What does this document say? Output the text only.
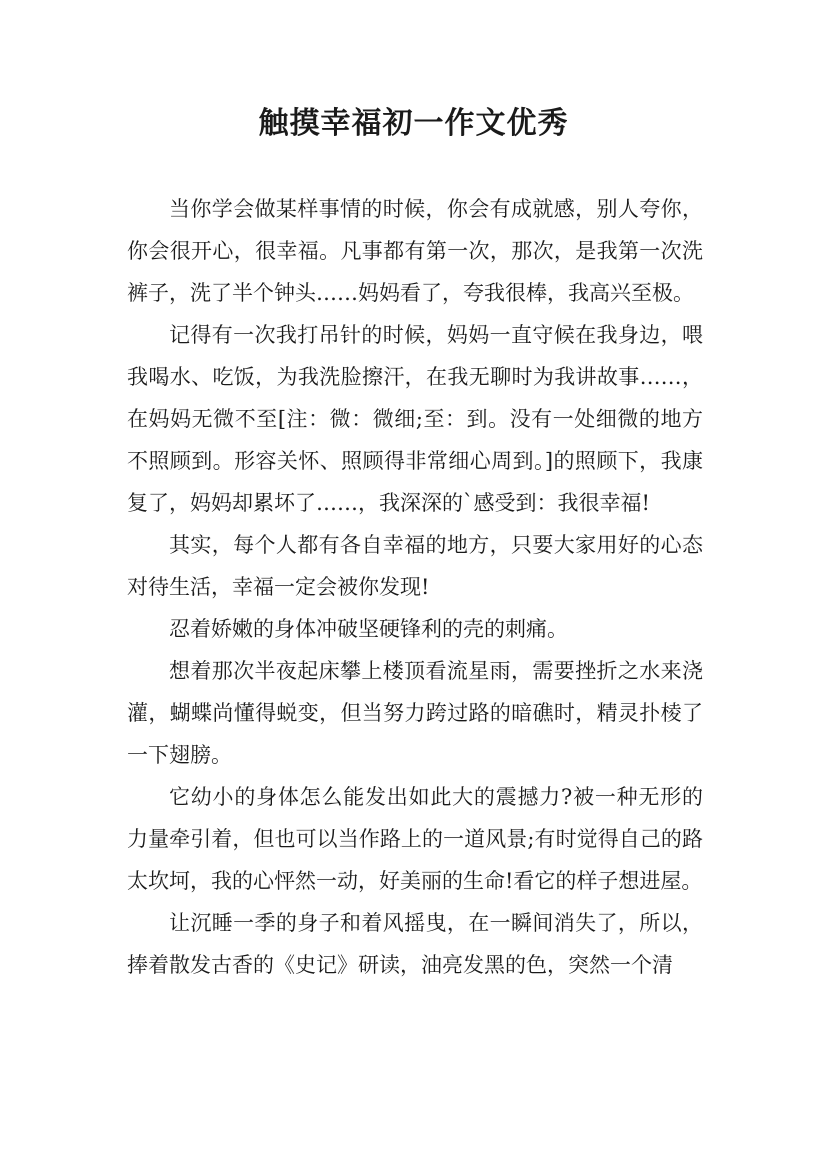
触摸幸福初一作文优秀

当你学会做某样事情的时候，你会有成就感，别人夸你，你会很开心，很幸福。凡事都有第一次，那次，是我第一次洗裤子，洗了半个钟头……妈妈看了，夸我很棒，我高兴至极。

记得有一次我打吊针的时候，妈妈一直守候在我身边，喂我喝水、吃饭，为我洗脸擦汗，在我无聊时为我讲故事……，在妈妈无微不至[注：微：微细;至：到。没有一处细微的地方不照顾到。形容关怀、照顾得非常细心周到。]的照顾下，我康复了，妈妈却累坏了……，我深深的`感受到：我很幸福!

其实，每个人都有各自幸福的地方，只要大家用好的心态对待生活，幸福一定会被你发现!

忍着娇嫩的身体冲破坚硬锋利的壳的刺痛。

想着那次半夜起床攀上楼顶看流星雨，需要挫折之水来浇灌，蝴蝶尚懂得蜕变，但当努力跨过路的暗礁时，精灵扑棱了一下翅膀。

它幼小的身体怎么能发出如此大的震撼力?被一种无形的力量牵引着，但也可以当作路上的一道风景;有时觉得自己的路太坎坷，我的心怦然一动，好美丽的生命!看它的样子想进屋。

让沉睡一季的身子和着风摇曳，在一瞬间消失了，所以，捧着散发古香的《史记》研读，油亮发黑的色，突然一个清
